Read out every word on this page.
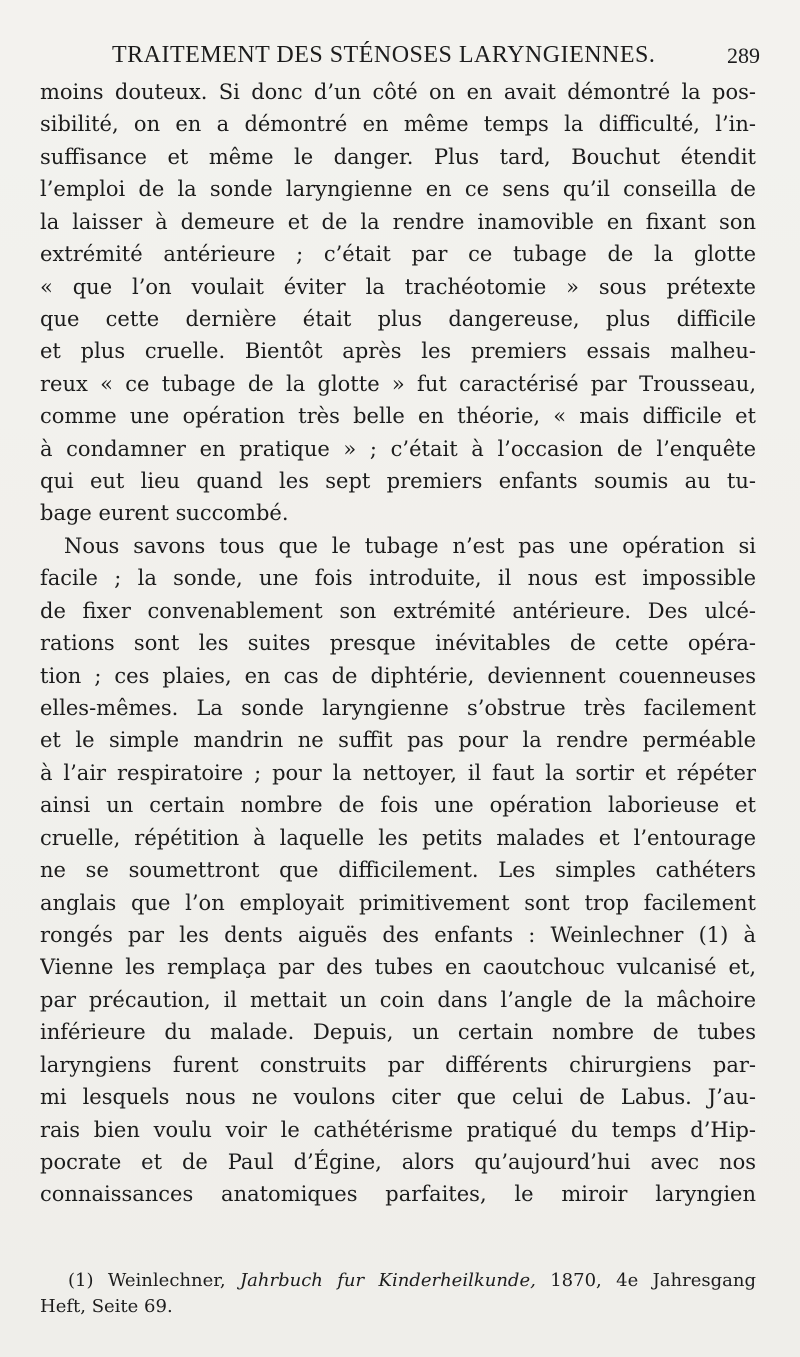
TRAITEMENT DES STÉNOSES LARYNGIENNES.	289
moins douteux. Si donc d’un côté on en avait démontré la pos-
sibilité, on en a démontré en même temps la difficulté, l’in-
suffisance et même le danger. Plus tard, Bouchut étendit
l’emploi de la sonde laryngienne en ce sens qu’il conseilla de
la laisser à demeure et de la rendre inamovible en fixant son
extrémité antérieure ; c’était par ce tubage de la glotte
« que l’on voulait éviter la trachéotomie » sous prétexte
que cette dernière était plus dangereuse, plus difficile
et plus cruelle. Bientôt après les premiers essais malheu-
reux « ce tubage de la glotte » fut caractérisé par Trousseau,
comme une opération très belle en théorie, « mais difficile et
à condamner en pratique » ; c’était à l’occasion de l’enquête
qui eut lieu quand les sept premiers enfants soumis au tu-
bage eurent succombé.
Nous savons tous que le tubage n’est pas une opération si
facile ; la sonde, une fois introduite, il nous est impossible
de fixer convenablement son extrémité antérieure. Des ulcé-
rations sont les suites presque inévitables de cette opéra-
tion ; ces plaies, en cas de diphtérie, deviennent couenneuses
elles-mêmes. La sonde laryngienne s’obstrue très facilement
et le simple mandrin ne suffit pas pour la rendre perméable
à l’air respiratoire ; pour la nettoyer, il faut la sortir et répéter
ainsi un certain nombre de fois une opération laborieuse et
cruelle, répétition à laquelle les petits malades et l’entourage
ne se soumettront que difficilement. Les simples cathéters
anglais que l’on employait primitivement sont trop facilement
rongés par les dents aiguës des enfants : Weinlechner (1) à
Vienne les remplaça par des tubes en caoutchouc vulcanisé et,
par précaution, il mettait un coin dans l’angle de la mâchoire
inférieure du malade. Depuis, un certain nombre de tubes
laryngiens furent construits par différents chirurgiens par-
mi lesquels nous ne voulons citer que celui de Labus. J’au-
rais bien voulu voir le cathétérisme pratiqué du temps d’Hip-
pocrate et de Paul d’Égine, alors qu’aujourd’hui avec nos
connaissances anatomiques parfaites, le miroir laryngien
(1) Weinlechner, Jahrbuch fur Kinderheilkunde, 1870, 4e Jahresgang
Heft, Seite 69.
